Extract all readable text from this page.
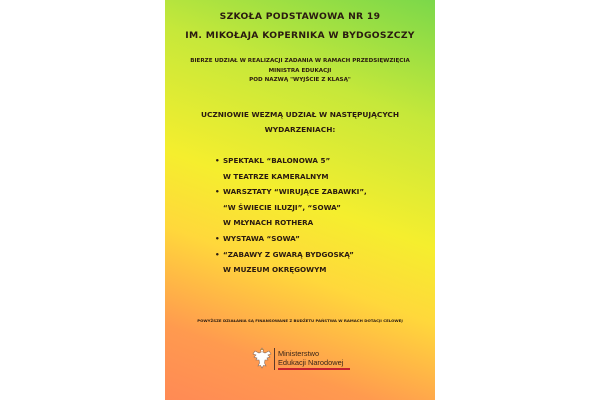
SZKOŁA PODSTAWOWA NR 19
IM. MIKOŁAJA KOPERNIKA W BYDGOSZCZY
BIERZE UDZIAŁ W REALIZACJI ZADANIA W RAMACH PRZEDSIĘWZIĘCIA
MINISTRA EDUKACJI
POD NAZWĄ "WYJŚCIE Z KLASĄ"
UCZNIOWIE WEZMĄ UDZIAŁ W NASTĘPUJĄCYCH
WYDARZENIACH:
• SPEKTAKL “BALONOWA 5”
W TEATRZE KAMERALNYM
• WARSZTATY “WIRUJĄCE ZABAWKI”,
“W ŚWIECIE ILUZJI”, “SOWA”
W MŁYNACH ROTHERA
• WYSTAWA “SOWA”
• “ZABAWY Z GWARĄ BYDGOSKĄ”
W MUZEUM OKRĘGOWYM
POWYŻSZE DZIAŁANIA SĄ FINANSOWANE Z BUDŻETU PAŃSTWA W RAMACH DOTACJI CELOWEJ
Ministerstwo
Edukacji Narodowej
